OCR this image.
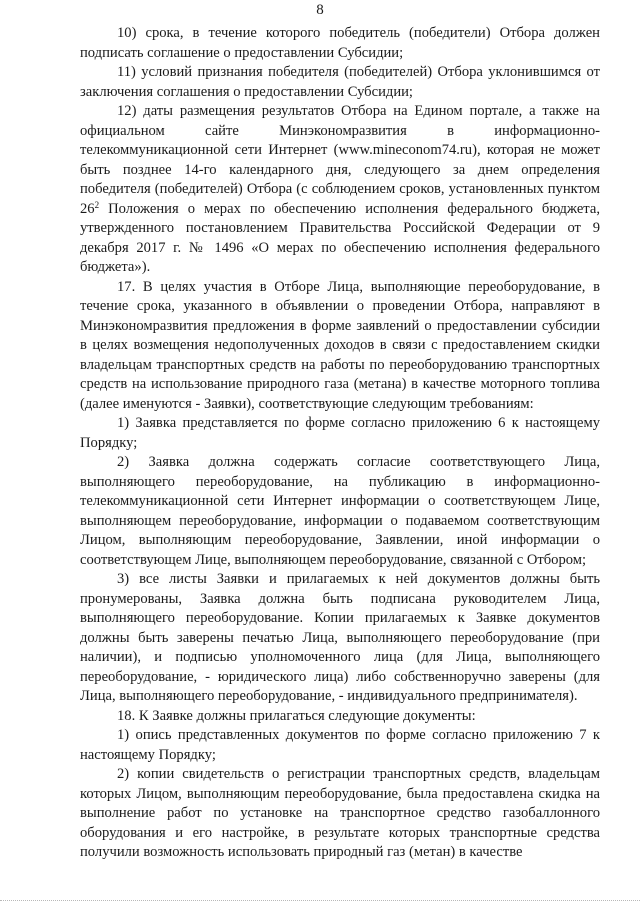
8

10) срока, в течение которого победитель (победители) Отбора должен подписать соглашение о предоставлении Субсидии;

11) условий признания победителя (победителей) Отбора уклонившимся от заключения соглашения о предоставлении Субсидии;

12) даты размещения результатов Отбора на Едином портале, а также на официальном сайте Минэкономразвития в информационно-телекоммуникационной сети Интернет (www.mineconom74.ru), которая не может быть позднее 14-го календарного дня, следующего за днем определения победителя (победителей) Отбора (с соблюдением сроков, установленных пунктом $26^2$ Положения о мерах по обеспечению исполнения федерального бюджета, утвержденного постановлением Правительства Российской Федерации от 9 декабря 2017 г. № 1496 «О мерах по обеспечению исполнения федерального бюджета»).

17. В целях участия в Отборе Лица, выполняющие переоборудование, в течение срока, указанного в объявлении о проведении Отбора, направляют в Минэкономразвития предложения в форме заявлений о предоставлении субсидии в целях возмещения недополученных доходов в связи с предоставлением скидки владельцам транспортных средств на работы по переоборудованию транспортных средств на использование природного газа (метана) в качестве моторного топлива (далее именуются - Заявки), соответствующие следующим требованиям:

1) Заявка представляется по форме согласно приложению 6 к настоящему Порядку;

2) Заявка должна содержать согласие соответствующего Лица, выполняющего переоборудование, на публикацию в информационно-телекоммуникационной сети Интернет информации о соответствующем Лице, выполняющем переоборудование, информации о подаваемом соответствующим Лицом, выполняющим переоборудование, Заявлении, иной информации о соответствующем Лице, выполняющем переоборудование, связанной с Отбором;

3) все листы Заявки и прилагаемых к ней документов должны быть пронумерованы, Заявка должна быть подписана руководителем Лица, выполняющего переоборудование. Копии прилагаемых к Заявке документов должны быть заверены печатью Лица, выполняющего переоборудование (при наличии), и подписью уполномоченного лица (для Лица, выполняющего переоборудование, - юридического лица) либо собственноручно заверены (для Лица, выполняющего переоборудование, - индивидуального предпринимателя).

18. К Заявке должны прилагаться следующие документы:

1) опись представленных документов по форме согласно приложению 7 к настоящему Порядку;

2) копии свидетельств о регистрации транспортных средств, владельцам которых Лицом, выполняющим переоборудование, была предоставлена скидка на выполнение работ по установке на транспортное средство газобаллонного оборудования и его настройке, в результате которых транспортные средства получили возможность использовать природный газ (метан) в качестве
